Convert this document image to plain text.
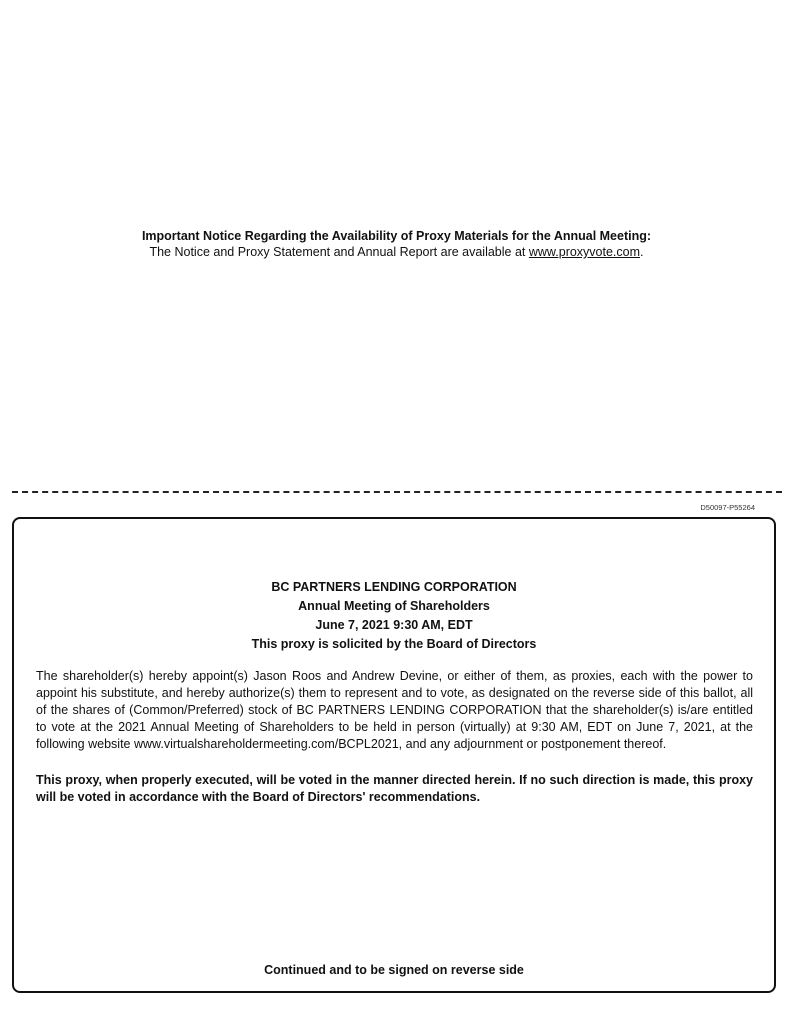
Important Notice Regarding the Availability of Proxy Materials for the Annual Meeting:
The Notice and Proxy Statement and Annual Report are available at www.proxyvote.com.
D50097-P55264
BC PARTNERS LENDING CORPORATION
Annual Meeting of Shareholders
June 7, 2021 9:30 AM, EDT
This proxy is solicited by the Board of Directors
The shareholder(s) hereby appoint(s) Jason Roos and Andrew Devine, or either of them, as proxies, each with the power to appoint his substitute, and hereby authorize(s) them to represent and to vote, as designated on the reverse side of this ballot, all of the shares of (Common/Preferred) stock of BC PARTNERS LENDING CORPORATION that the shareholder(s) is/are entitled to vote at the 2021 Annual Meeting of Shareholders to be held in person (virtually) at 9:30 AM, EDT on June 7, 2021, at the following website www.virtualshareholdermeeting.com/BCPL2021, and any adjournment or postponement thereof.
This proxy, when properly executed, will be voted in the manner directed herein. If no such direction is made, this proxy will be voted in accordance with the Board of Directors' recommendations.
Continued and to be signed on reverse side
